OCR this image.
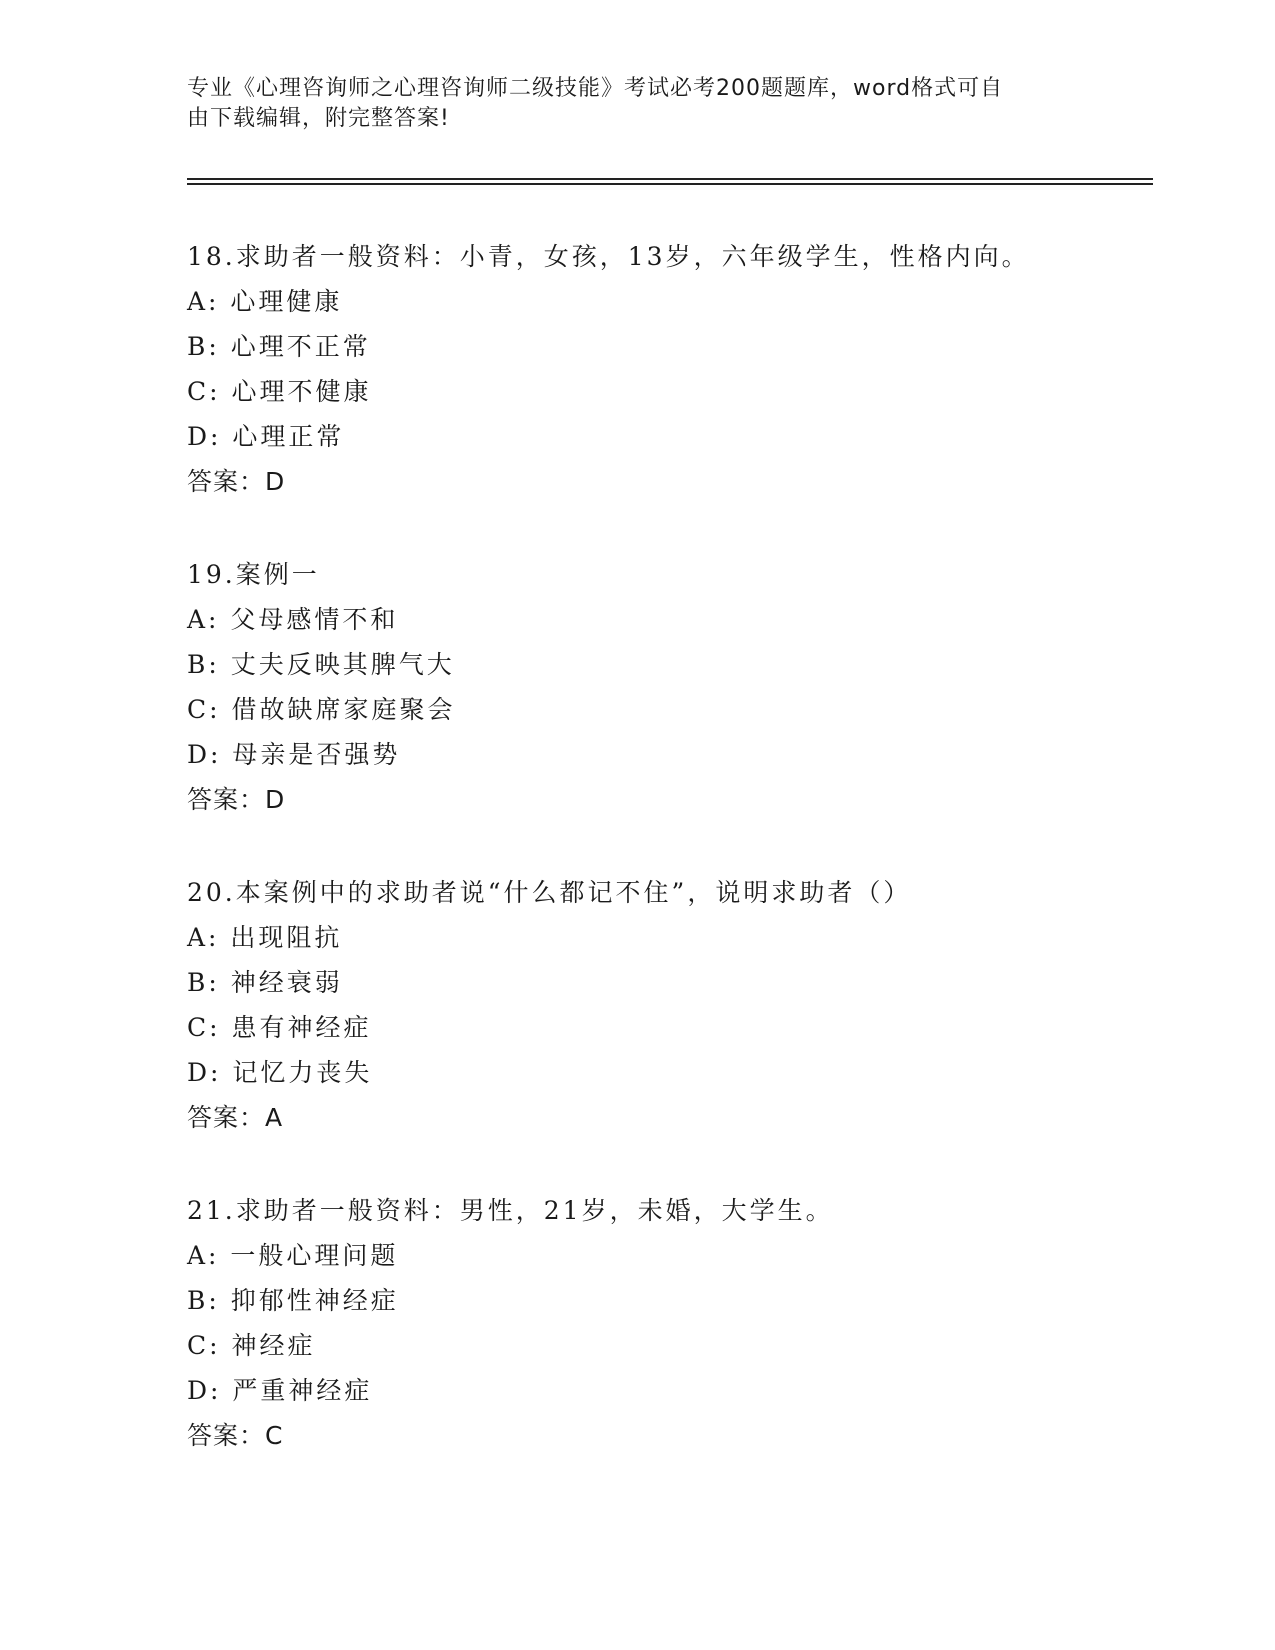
专业《心理咨询师之心理咨询师二级技能》考试必考200题题库，word格式可自
由下载编辑，附完整答案!
18.求助者一般资料：小青，女孩，13岁，六年级学生，性格内向。
A: 心理健康
B: 心理不正常
C: 心理不健康
D: 心理正常
答案：D
19.案例一
A: 父母感情不和
B: 丈夫反映其脾气大
C: 借故缺席家庭聚会
D: 母亲是否强势
答案：D
20.本案例中的求助者说“什么都记不住”，说明求助者（）
A: 出现阻抗
B: 神经衰弱
C: 患有神经症
D: 记忆力丧失
答案：A
21.求助者一般资料：男性，21岁，未婚，大学生。
A: 一般心理问题
B: 抑郁性神经症
C: 神经症
D: 严重神经症
答案：C
